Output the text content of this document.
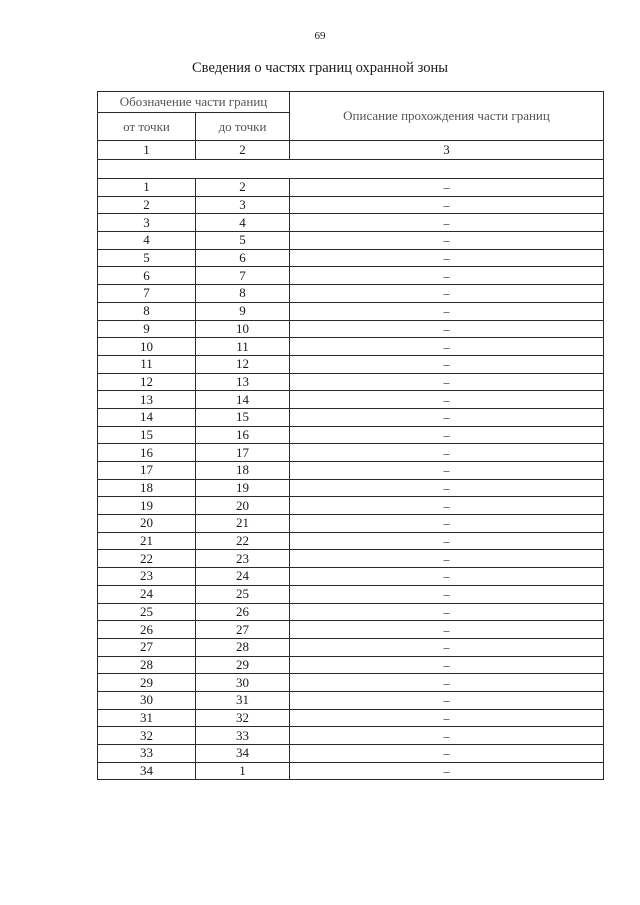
69
Сведения о частях границ охранной зоны
Обозначение части границ		Описание прохождения части границ
от точки	до точки	
1	2	3

1	2	–
2	3	–
3	4	–
4	5	–
5	6	–
6	7	–
7	8	–
8	9	–
9	10	–
10	11	–
11	12	–
12	13	–
13	14	–
14	15	–
15	16	–
16	17	–
17	18	–
18	19	–
19	20	–
20	21	–
21	22	–
22	23	–
23	24	–
24	25	–
25	26	–
26	27	–
27	28	–
28	29	–
29	30	–
30	31	–
31	32	–
32	33	–
33	34	–
34	1	–
